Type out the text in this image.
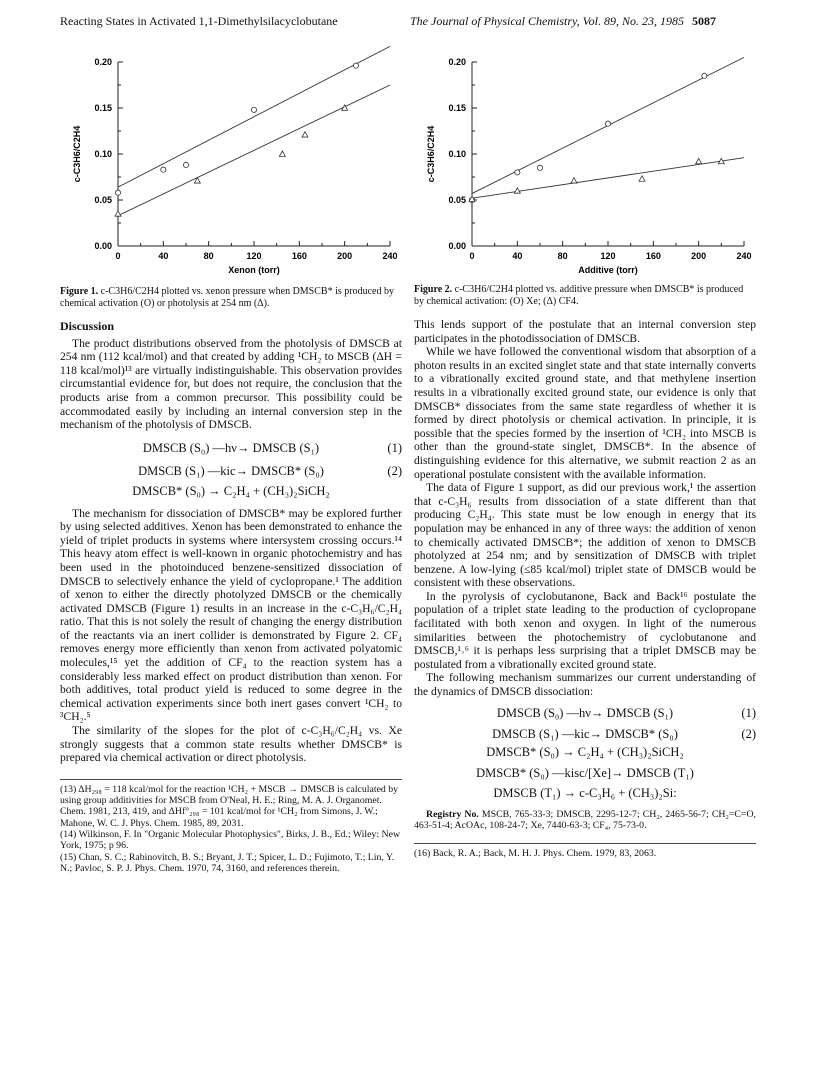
Reacting States in Activated 1,1-Dimethylsilacyclobutane	The Journal of Physical Chemistry, Vol. 89, No. 23, 1985 5087
0	40	80	120	160	200	240
0.00
0.05
0.10
0.15
0.20
Xenon (torr)
c-C3H6/C2H4
Figure 1. c-C3H6/C2H4 plotted vs. xenon pressure when DMSCB* is produced by chemical activation (O) or photolysis at 254 nm (Δ).
0	40	80	120	160	200	240
0.00
0.05
0.10
0.15
0.20
Additive (torr)
c-C3H6/C2H4
Figure 2. c-C3H6/C2H4 plotted vs. additive pressure when DMSCB* is produced by chemical activation: (O) Xe; (Δ) CF4.
Discussion

The product distributions observed from the photolysis of DMSCB at 254 nm (112 kcal/mol) and that created by adding ¹CH₂ to MSCB (ΔH = 118 kcal/mol)¹³ are virtually indistinguishable. This observation provides circumstantial evidence for, but does not require, the conclusion that the products arise from a common precursor. This possibility could be accommodated easily by including an internal conversion step in the mechanism of the photolysis of DMSCB.

DMSCB (S₀) —hν→ DMSCB (S₁)	(1)
DMSCB (S₁) —kic→ DMSCB* (S₀)	(2)
DMSCB* (S₀) → C₂H₄ + (CH₃)₂SiCH₂

The mechanism for dissociation of DMSCB* may be explored further by using selected additives. Xenon has been demonstrated to enhance the yield of triplet products in systems where intersystem crossing occurs.¹⁴ This heavy atom effect is well-known in organic photochemistry and has been used in the photoinduced benzene-sensitized dissociation of DMSCB to selectively enhance the yield of cyclopropane.¹ The addition of xenon to either the directly photolyzed DMSCB or the chemically activated DMSCB (Figure 1) results in an increase in the c-C₃H₆/C₂H₄ ratio. That this is not solely the result of changing the energy distribution of the reactants via an inert collider is demonstrated by Figure 2. CF₄ removes energy more efficiently than xenon from activated polyatomic molecules,¹⁵ yet the addition of CF₄ to the reaction system has a considerably less marked effect on product distribution than xenon. For both additives, total product yield is reduced to some degree in the chemical activation experiments since both inert gases convert ¹CH₂ to ³CH₂.⁵

The similarity of the slopes for the plot of c-C₃H₆/C₂H₄ vs. Xe strongly suggests that a common state results whether DMSCB* is prepared via chemical activation or direct photolysis.

(13) ΔH₂₉₈ = 118 kcal/mol for the reaction ¹CH₂ + MSCB → DMSCB is calculated by using group additivities for MSCB from O'Neal, H. E.; Ring, M. A. J. Organomet. Chem. 1981, 213, 419, and ΔHf°₂₉₈ = 101 kcal/mol for ¹CH₂ from Simons, J. W.; Mahone, W. C. J. Phys. Chem. 1985, 89, 2031.
(14) Wilkinson, F. In "Organic Molecular Photophysics", Birks, J. B., Ed.; Wiley: New York, 1975; p 96.
(15) Chan, S. C.; Rabinovitch, B. S.; Bryant, J. T.; Spicer, L. D.; Fujimoto, T.; Lin, Y. N.; Pavloc, S. P. J. Phys. Chem. 1970, 74, 3160, and references therein.

This lends support of the postulate that an internal conversion step participates in the photodissociation of DMSCB.

While we have followed the conventional wisdom that absorption of a photon results in an excited singlet state and that state internally converts to a vibrationally excited ground state, and that methylene insertion results in a vibrationally excited ground state, our evidence is only that DMSCB* dissociates from the same state regardless of whether it is formed by direct photolysis or chemical activation. In principle, it is possible that the species formed by the insertion of ¹CH₂ into MSCB is other than the ground-state singlet, DMSCB*. In the absence of distinguishing evidence for this alternative, we submit reaction 2 as an operational postulate consistent with the available information.

The data of Figure 1 support, as did our previous work,¹ the assertion that c-C₃H₆ results from dissociation of a state different than that producing C₂H₄. This state must be low enough in energy that its population may be enhanced in any of three ways: the addition of xenon to chemically activated DMSCB*; the addition of xenon to DMSCB photolyzed at 254 nm; and by sensitization of DMSCB with triplet benzene. A low-lying (≤85 kcal/mol) triplet state of DMSCB would be consistent with these observations.

In the pyrolysis of cyclobutanone, Back and Back¹⁶ postulate the population of a triplet state leading to the production of cyclopropane facilitated with both xenon and oxygen. In light of the numerous similarities between the photochemistry of cyclobutanone and DMSCB,¹˒⁶ it is perhaps less surprising that a triplet DMSCB may be postulated from a vibrationally excited ground state.

The following mechanism summarizes our current understanding of the dynamics of DMSCB dissociation:

DMSCB (S₀) —hν→ DMSCB (S₁)	(1)
DMSCB (S₁) —kic→ DMSCB* (S₀)	(2)
DMSCB* (S₀) → C₂H₄ + (CH₃)₂SiCH₂
DMSCB* (S₀) —kisc/[Xe]→ DMSCB (T₁)
DMSCB (T₁) → c-C₃H₆ + (CH₃)₂Si:
Registry No. MSCB, 765-33-3; DMSCB, 2295-12-7; CH₂, 2465-56-7; CH₂=C=O, 463-51-4; AcOAc, 108-24-7; Xe, 7440-63-3; CF₄, 75-73-0.
(16) Back, R. A.; Back, M. H. J. Phys. Chem. 1979, 83, 2063.
